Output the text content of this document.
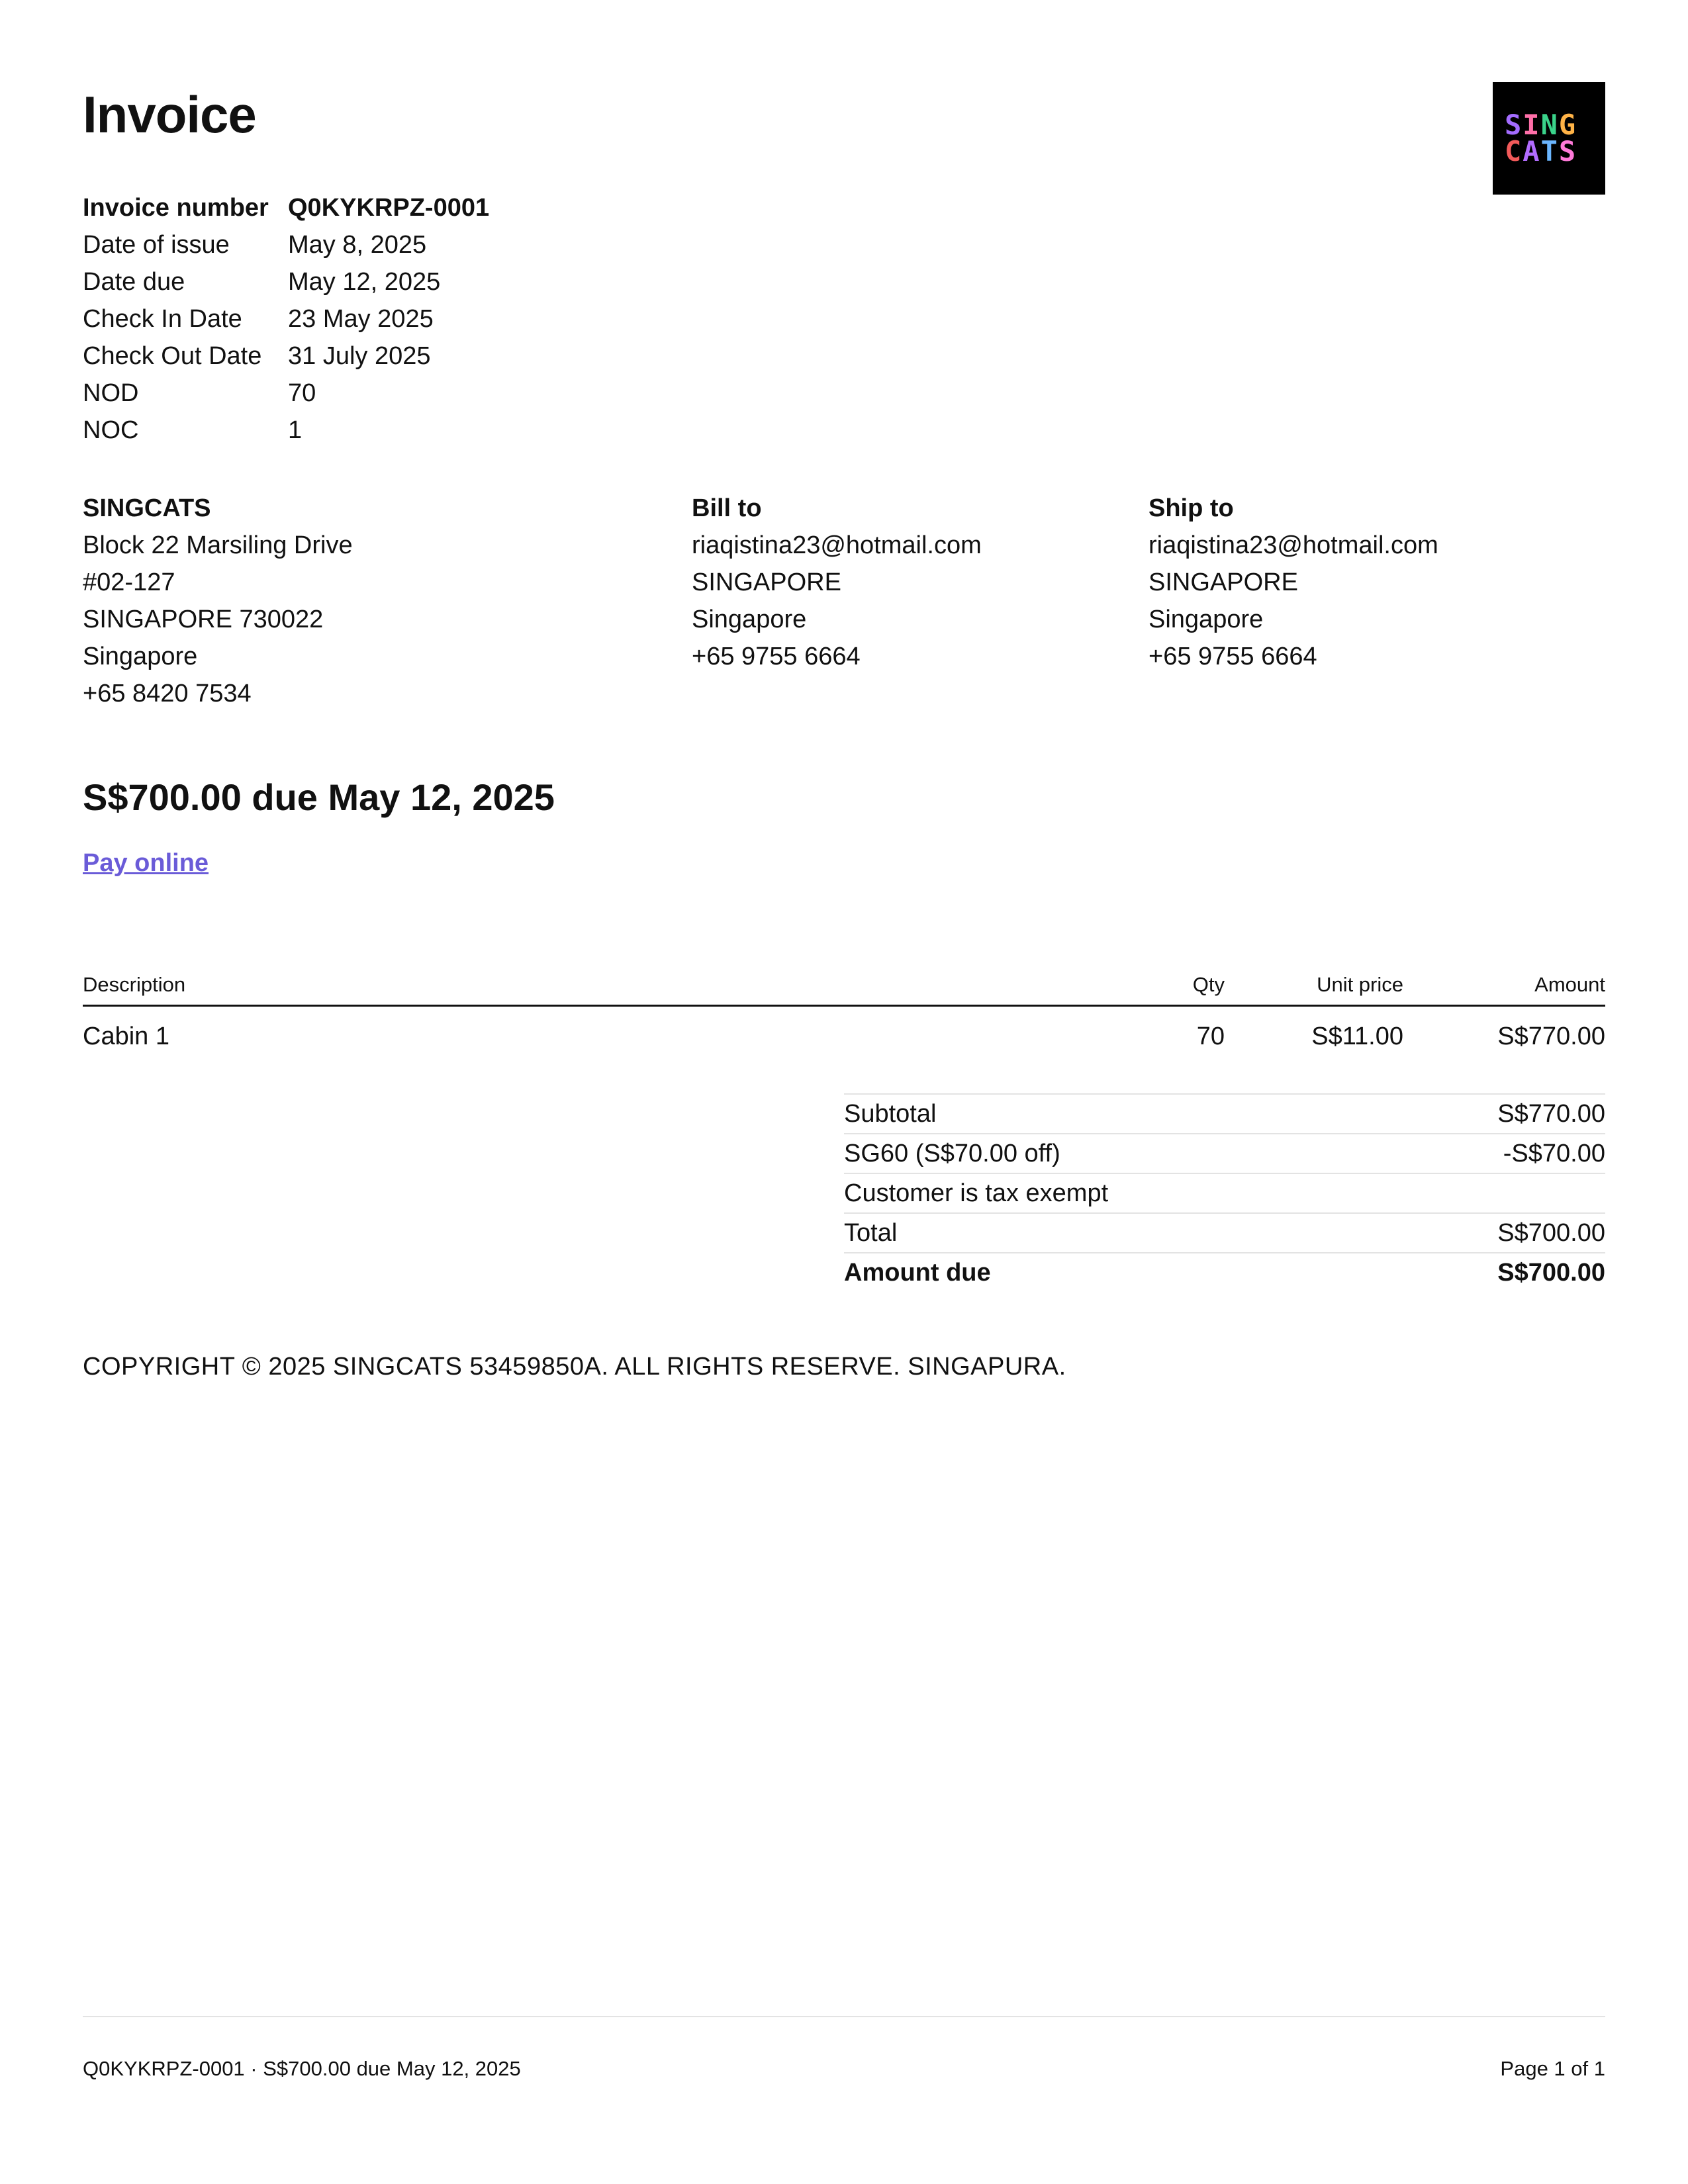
Invoice	SING
CATS
Invoice number Q0KYKRPZ-0001
Date of issue May 8, 2025
Date due	May 12, 2025
Check In Date 23 May 2025
Check Out Date 31 July 2025
NOD	70
NOC	1
SINGCATS
Block 22 Marsiling Drive
#02-127
SINGAPORE 730022
Singapore
+65 8420 7534
Bill to
riaqistina23@hotmail.com
SINGAPORE
Singapore
+65 9755 6664
Ship to
riaqistina23@hotmail.com
SINGAPORE
Singapore
+65 9755 6664
S$700.00 due May 12, 2025
Pay online
Description	Qty	Unit price	Amount
Cabin 1	70	S$11.00	S$770.00
Subtotal	S$770.00
SG60 (S$70.00 off)	-S$70.00
Customer is tax exempt
Total	S$700.00
Amount due	S$700.00
COPYRIGHT © 2025 SINGCATS 53459850A. ALL RIGHTS RESERVE. SINGAPURA.
Q0KYKRPZ-0001 · S$700.00 due May 12, 2025	Page 1 of 1
